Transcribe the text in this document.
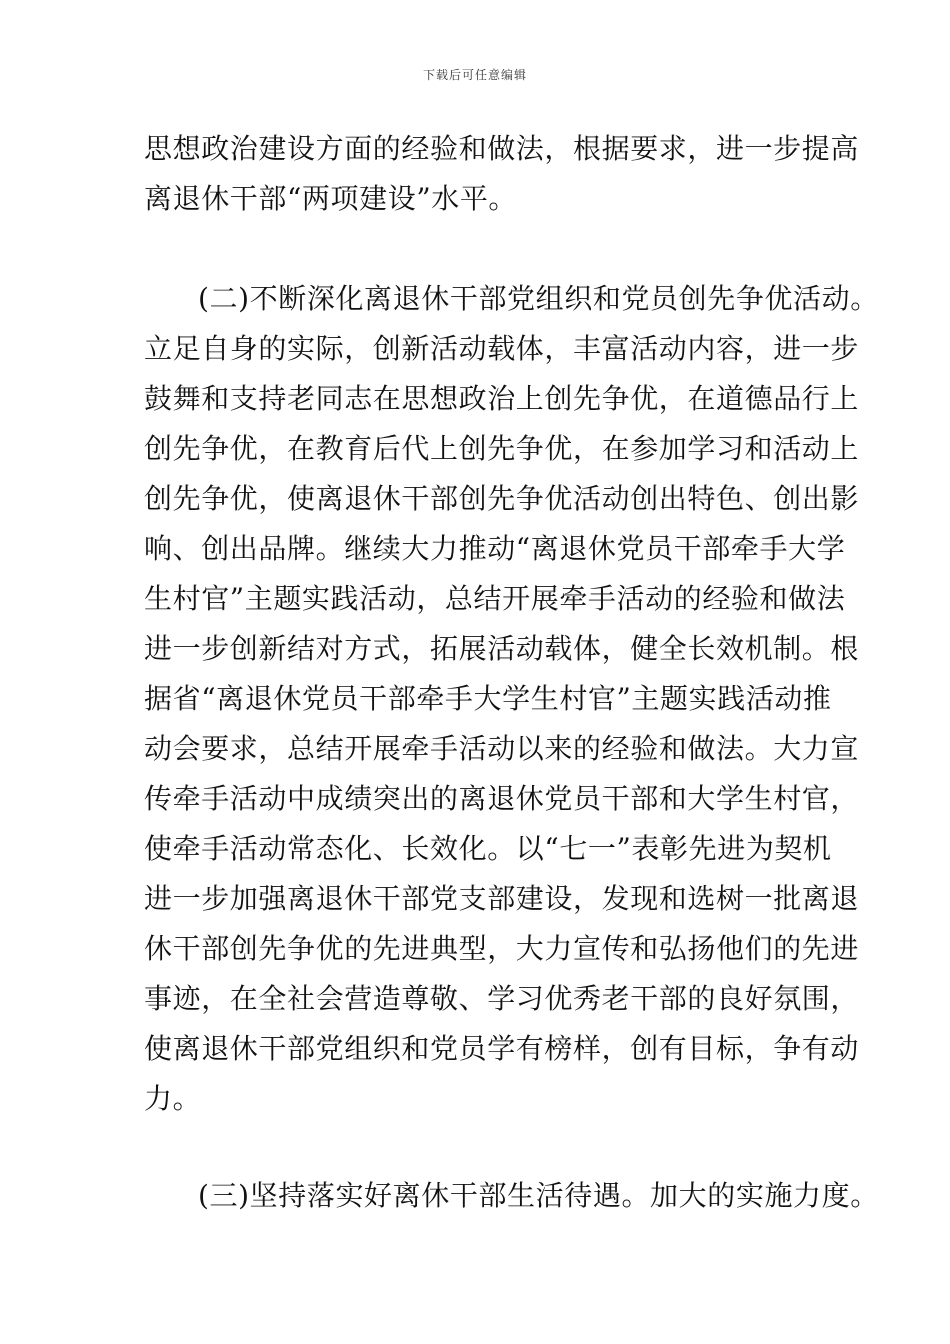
下载后可任意编辑
思想政治建设方面的经验和做法，根据要求，进一步提高
离退休干部“两项建设”水平。
(二)不断深化离退休干部党组织和党员创先争优活动。
立足自身的实际，创新活动载体，丰富活动内容，进一步
鼓舞和支持老同志在思想政治上创先争优，在道德品行上
创先争优，在教育后代上创先争优，在参加学习和活动上
创先争优，使离退休干部创先争优活动创出特色、创出影
响、创出品牌。继续大力推动“离退休党员干部牵手大学
生村官”主题实践活动，总结开展牵手活动的经验和做法
进一步创新结对方式，拓展活动载体，健全长效机制。根
据省“离退休党员干部牵手大学生村官”主题实践活动推
动会要求，总结开展牵手活动以来的经验和做法。大力宣
传牵手活动中成绩突出的离退休党员干部和大学生村官，
使牵手活动常态化、长效化。以“七一”表彰先进为契机
进一步加强离退休干部党支部建设，发现和选树一批离退
休干部创先争优的先进典型，大力宣传和弘扬他们的先进
事迹，在全社会营造尊敬、学习优秀老干部的良好氛围，
使离退休干部党组织和党员学有榜样，创有目标，争有动
力。
(三)坚持落实好离休干部生活待遇。加大的实施力度。
